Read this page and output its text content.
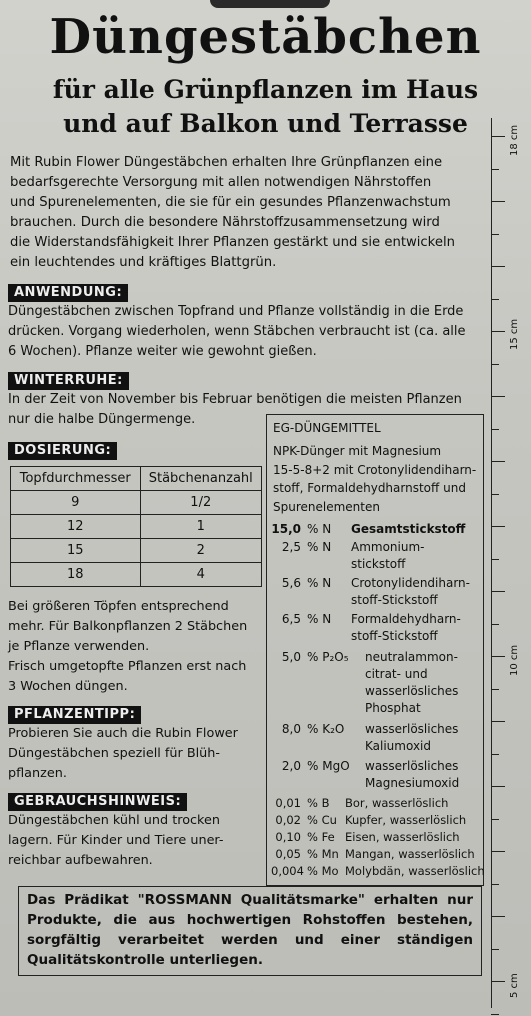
Düngestäbchen
für alle Grünpflanzen im Haus
und auf Balkon und Terrasse
Mit Rubin Flower Düngestäbchen erhalten Ihre Grünpflanzen eine
bedarfsgerechte Versorgung mit allen notwendigen Nährstoffen
und Spurenelementen, die sie für ein gesundes Pflanzenwachstum
brauchen. Durch die besondere Nährstoffzusammensetzung wird
die Widerstandsfähigkeit Ihrer Pflanzen gestärkt und sie entwickeln
ein leuchtendes und kräftiges Blattgrün.
ANWENDUNG:
Düngestäbchen zwischen Topfrand und Pflanze vollständig in die Erde
drücken. Vorgang wiederholen, wenn Stäbchen verbraucht ist (ca. alle
6 Wochen). Pflanze weiter wie gewohnt gießen.
WINTERRUHE:
In der Zeit von November bis Februar benötigen die meisten Pflanzen
nur die halbe Düngermenge.
DOSIERUNG:
Topfdurchmesser	Stäbchenanzahl
9	1/2
12	1
15	2
18	4
Bei größeren Töpfen entsprechend
mehr. Für Balkonpflanzen 2 Stäbchen
je Pflanze verwenden.
Frisch umgetopfte Pflanzen erst nach
3 Wochen düngen.
PFLANZENTIPP:
Probieren Sie auch die Rubin Flower
Düngestäbchen speziell für Blüh-
pflanzen.
GEBRAUCHSHINWEIS:
Düngestäbchen kühl und trocken
lagern. Für Kinder und Tiere uner-
reichbar aufbewahren.
EG-DÜNGEMITTEL
NPK-Dünger mit Magnesium
15-5-8+2 mit Crotonylidendiharn-
stoff, Formaldehydharnstoff und
Spurenelementen
15,0 % N Gesamtstickstoff
2,5 % N Ammonium-
stickstoff
5,6 % N Crotonylidendiharn-
stoff-Stickstoff
6,5 % N Formaldehydharn-
stoff-Stickstoff
5,0 % P₂O₅ neutralammon-
citrat- und
wasserlösliches
Phosphat
8,0 % K₂O wasserlösliches
Kaliumoxid
2,0 % MgO wasserlösliches
Magnesiumoxid
0,01 % B Bor, wasserlöslich
0,02 % Cu Kupfer, wasserlöslich
0,10 % Fe Eisen, wasserlöslich
0,05 % Mn Mangan, wasserlöslich
0,004 % Mo Molybdän, wasserlöslich
Das Prädikat "ROSSMANN Qualitätsmarke" erhalten nur Produkte, die aus hochwertigen Rohstoffen bestehen, sorgfältig verarbeitet werden und einer ständigen Qualitätskontrolle unterliegen.
18 cm
15 cm
10 cm
5 cm
